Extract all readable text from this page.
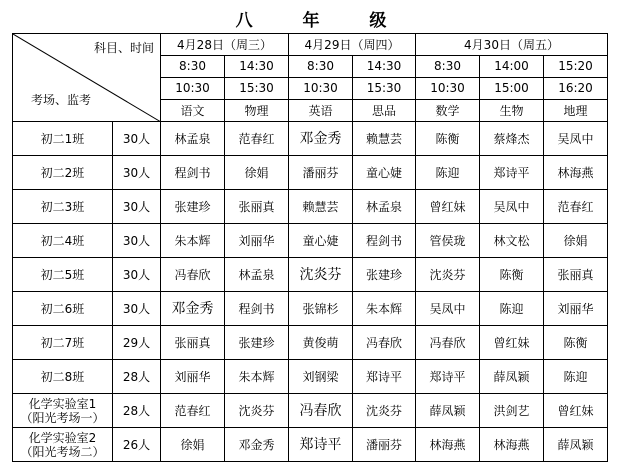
八 年 级
科目、时间
考场、监考		4月28日（周三）		4月29日（周四）		4月30日（周五）		
		8:30	14:30	8:30	14:30	8:30	14:00	15:20
		10:30	15:30	10:30	15:30	10:30	15:00	16:20
		语文	物理	英语	思品	数学	生物	地理

初二1班	30人	林孟泉	范春红	邓金秀	赖慧芸	陈衡	蔡烽杰	吴凤中

初二2班	30人	程剑书	徐娟	潘丽芬	童心婕	陈迎	郑诗平	林海燕

初二3班	30人	张建珍	张丽真	赖慧芸	林孟泉	曾红妹	吴凤中	范春红

初二4班	30人	朱本辉	刘丽华	童心婕	程剑书	管侯珑	林文松	徐娟

初二5班	30人	冯春欣	林孟泉	沈炎芬	张建珍	沈炎芬	陈衡	张丽真

初二6班	30人	邓金秀	程剑书	张锦杉	朱本辉	吴凤中	陈迎	刘丽华

初二7班	29人	张丽真	张建珍	黄俊萌	冯春欣	冯春欣	曾红妹	陈衡

初二8班	28人	刘丽华	朱本辉	刘钢梁	郑诗平	郑诗平	薛凤颖	陈迎

化学实验室1
（阳光考场一）	28人	范春红	沈炎芬	冯春欣	沈炎芬	薛凤颖	洪剑艺	曾红妹

化学实验室2
（阳光考场二）	26人	徐娟	邓金秀	郑诗平	潘丽芬	林海燕	林海燕	薛凤颖
